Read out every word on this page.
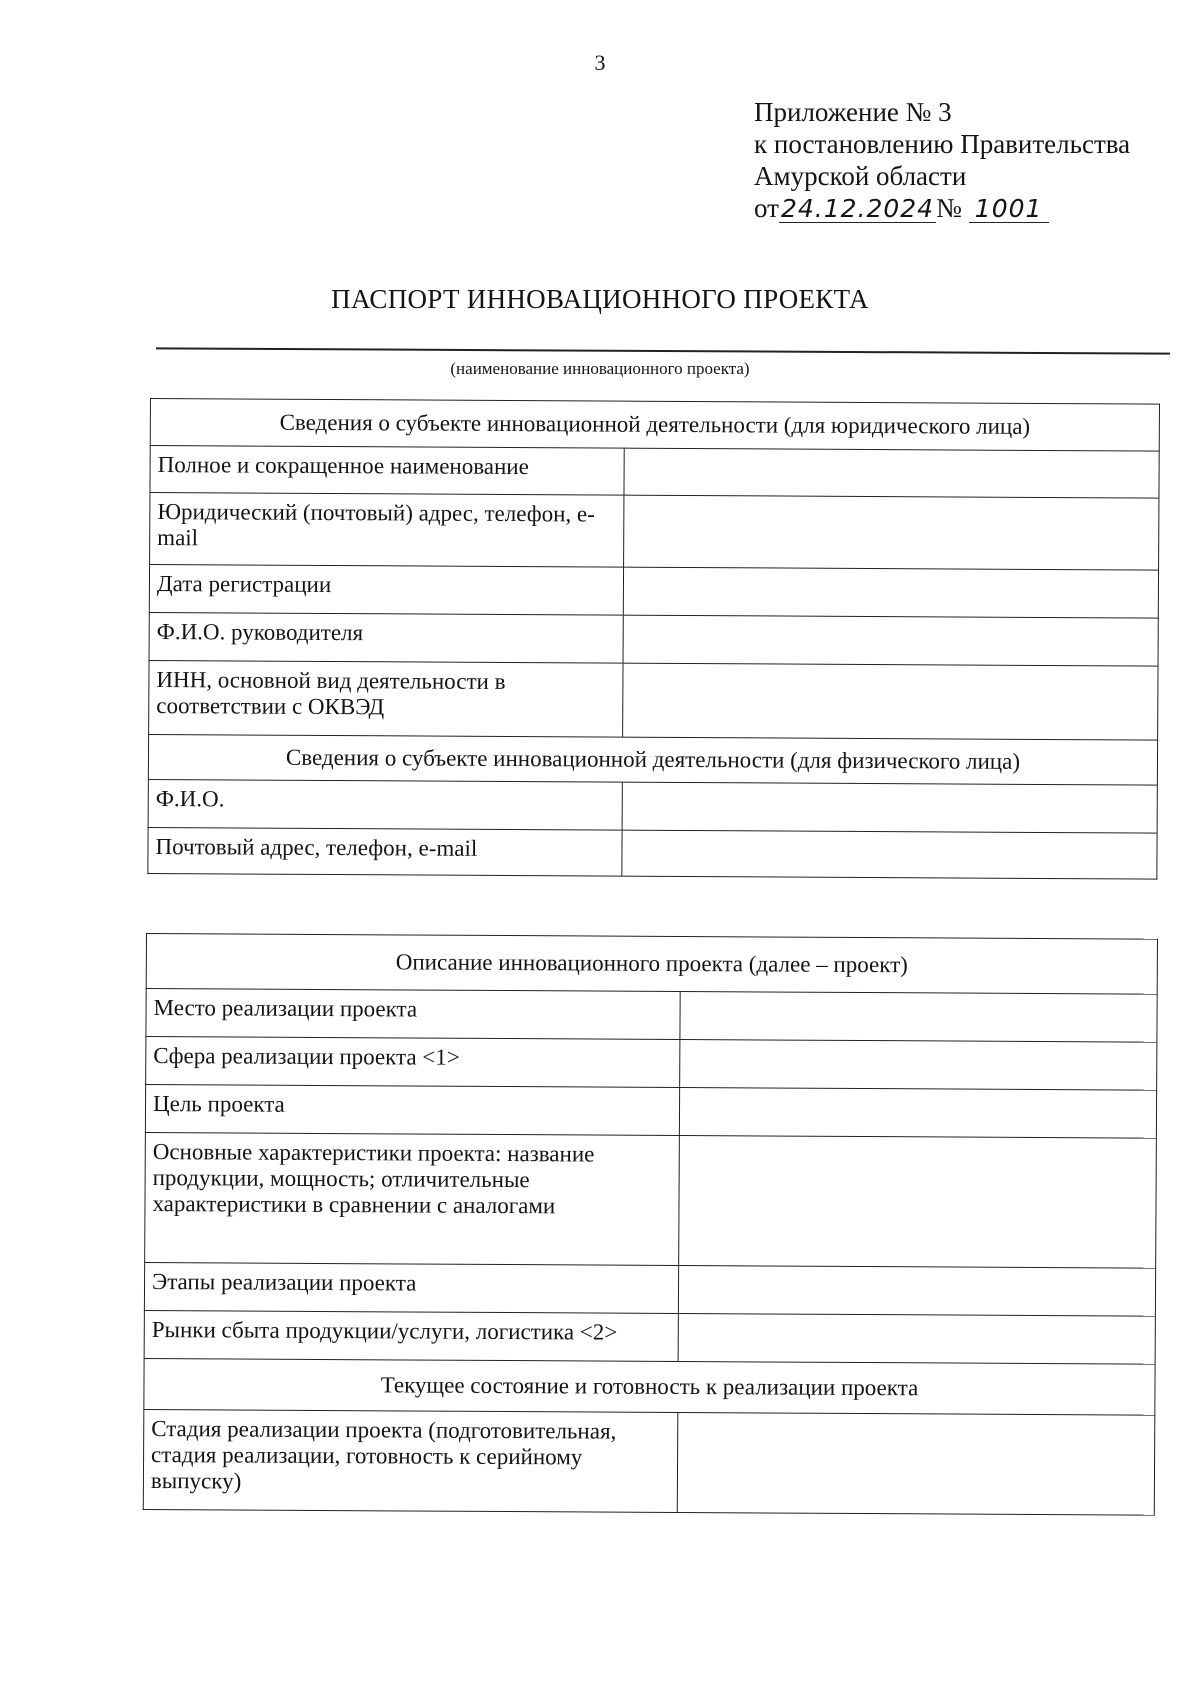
3
Приложение № 3
к постановлению Правительства
Амурской области
от24.12.2024№ 1001
ПАСПОРТ ИННОВАЦИОННОГО ПРОЕКТА
(наименование инновационного проекта)
Сведения о субъекте инновационной деятельности (для юридического лица)	
Полное и сокращенное наименование	
Юридический (почтовый) адрес, телефон, e-mail	
Дата регистрации	
Ф.И.О. руководителя	
ИНН, основной вид деятельности в соответствии с ОКВЭД	
Сведения о субъекте инновационной деятельности (для физического лица)	
Ф.И.О.	
Почтовый адрес, телефон, e-mail	
Описание инновационного проекта (далее – проект)	
Место реализации проекта	
Сфера реализации проекта <1>	
Цель проекта	
Основные характеристики проекта: название продукции, мощность; отличительные характеристики в сравнении с аналогами	
Этапы реализации проекта	
Рынки сбыта продукции/услуги, логистика <2>	
Текущее состояние и готовность к реализации проекта	
Стадия реализации проекта (подготовительная, стадия реализации, готовность к серийному выпуску)	
